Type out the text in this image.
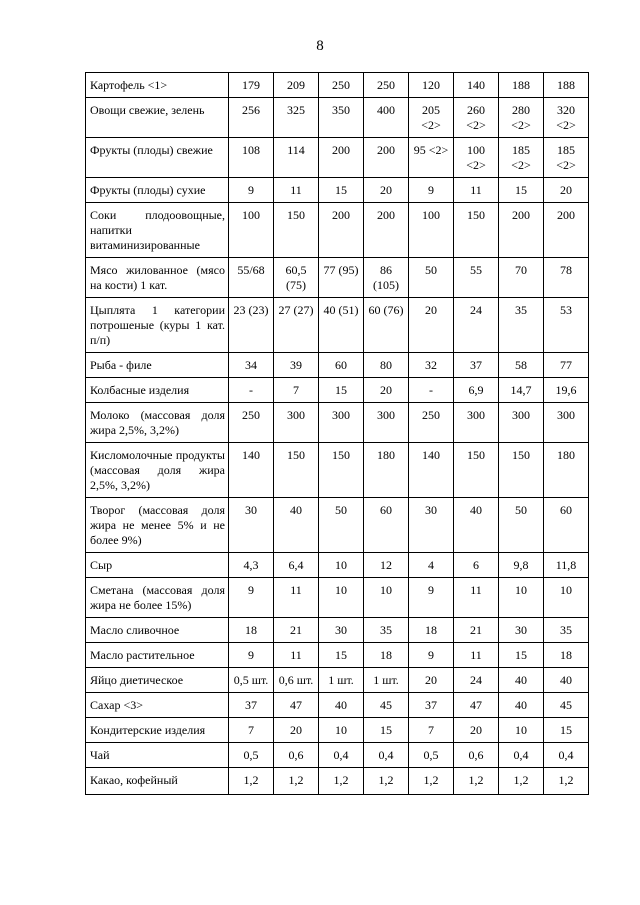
8
Картофель <1>	179	209	250	250	120	140	188	188
Овощи свежие, зелень	256	325	350	400	205 <2>	260 <2>	280 <2>	320 <2>
Фрукты (плоды) свежие	108	114	200	200	95 <2>	100 <2>	185 <2>	185 <2>
Фрукты (плоды) сухие	9	11	15	20	9	11	15	20
Соки плодоовощные, напитки витаминизированные	100	150	200	200	100	150	200	200
Мясо жилованное (мясо на кости) 1 кат.	55/68	60,5 (75)	77 (95)	86 (105)	50	55	70	78
Цыплята 1 категории потрошеные (куры 1 кат. п/п)	23 (23)	27 (27)	40 (51)	60 (76)	20	24	35	53
Рыба - филе	34	39	60	80	32	37	58	77
Колбасные изделия	-	7	15	20	-	6,9	14,7	19,6
Молоко (массовая доля жира 2,5%, 3,2%)	250	300	300	300	250	300	300	300
Кисломолочные продукты (массовая доля жира 2,5%, 3,2%)	140	150	150	180	140	150	150	180
Творог (массовая доля жира не менее 5% и не более 9%)	30	40	50	60	30	40	50	60
Сыр	4,3	6,4	10	12	4	6	9,8	11,8
Сметана (массовая доля жира не более 15%)	9	11	10	10	9	11	10	10
Масло сливочное	18	21	30	35	18	21	30	35
Масло растительное	9	11	15	18	9	11	15	18
Яйцо диетическое	0,5 шт.	0,6 шт.	1 шт.	1 шт.	20	24	40	40
Сахар <3>	37	47	40	45	37	47	40	45
Кондитерские изделия	7	20	10	15	7	20	10	15
Чай	0,5	0,6	0,4	0,4	0,5	0,6	0,4	0,4
Какао, кофейный	1,2	1,2	1,2	1,2	1,2	1,2	1,2	1,2
